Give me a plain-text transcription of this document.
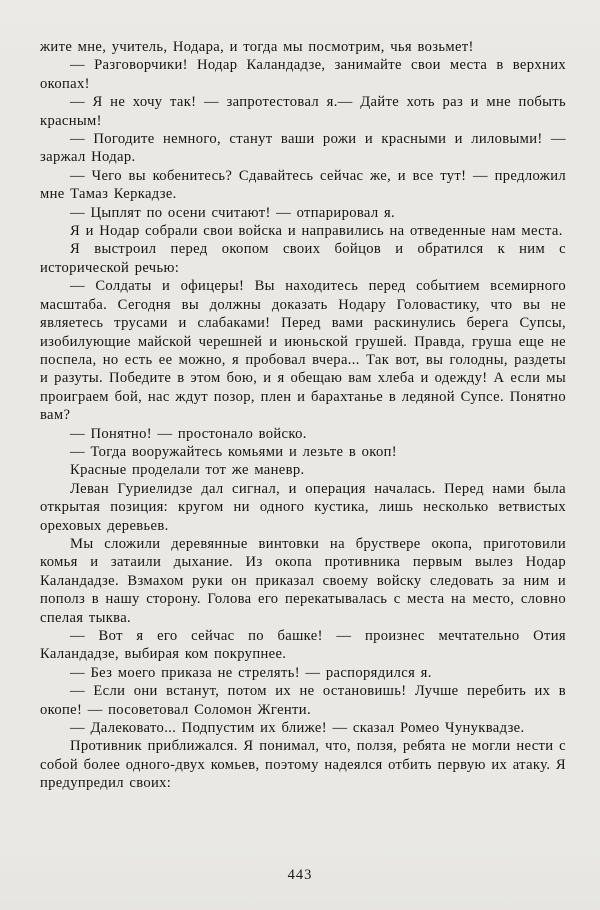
жите мне, учитель, Нодара, и тогда мы посмотрим, чья возьмет!

— Разговорчики! Нодар Каландадзе, занимайте свои места в верхних окопах!

— Я не хочу так! — запротестовал я.— Дайте хоть раз и мне побыть красным!

— Погодите немного, станут ваши рожи и красными и лиловыми! — заржал Нодар.

— Чего вы кобенитесь? Сдавайтесь сейчас же, и все тут! — предложил мне Тамаз Керкадзе.

— Цыплят по осени считают! — отпарировал я.

Я и Нодар собрали свои войска и направились на отведенные нам места.

Я выстроил перед окопом своих бойцов и обратился к ним с исторической речью:

— Солдаты и офицеры! Вы находитесь перед событием всемирного масштаба. Сегодня вы должны доказать Нодару Головастику, что вы не являетесь трусами и слабаками! Перед вами раскинулись берега Супсы, изобилующие майской черешней и июньской грушей. Правда, груша еще не поспела, но есть ее можно, я пробовал вчера... Так вот, вы голодны, раздеты и разуты. Победите в этом бою, и я обещаю вам хлеба и одежду! А если мы проиграем бой, нас ждут позор, плен и барахтанье в ледяной Супсе. Понятно вам?

— Понятно! — простонало войско.

— Тогда вооружайтесь комьями и лезьте в окоп!

Красные проделали тот же маневр.

Леван Гуриелидзе дал сигнал, и операция началась. Перед нами была открытая позиция: кругом ни одного кустика, лишь несколько ветвистых ореховых деревьев.

Мы сложили деревянные винтовки на бруствере окопа, приготовили комья и затаили дыхание. Из окопа противника первым вылез Нодар Каландадзе. Взмахом руки он приказал своему войску следовать за ним и пополз в нашу сторону. Голова его перекатывалась с места на место, словно спелая тыква.

— Вот я его сейчас по башке! — произнес мечтательно Отия Каландадзе, выбирая ком покрупнее.

— Без моего приказа не стрелять! — распорядился я.

— Если они встанут, потом их не остановишь! Лучше перебить их в окопе! — посоветовал Соломон Жгенти.

— Далековато... Подпустим их ближе! — сказал Ромео Чунуквадзе.

Противник приближался. Я понимал, что, ползя, ребята не могли нести с собой более одного-двух комьев, поэтому надеялся отбить первую их атаку. Я предупредил своих:

443
